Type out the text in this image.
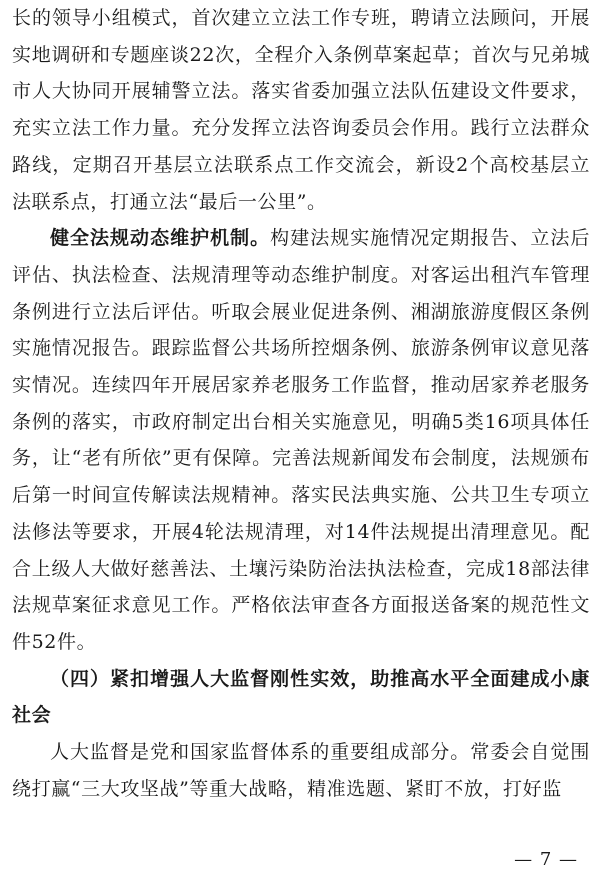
长的领导小组模式，首次建立立法工作专班，聘请立法顾问，开展实地调研和专题座谈22次，全程介入条例草案起草；首次与兄弟城市人大协同开展辅警立法。落实省委加强立法队伍建设文件要求，充实立法工作力量。充分发挥立法咨询委员会作用。践行立法群众路线，定期召开基层立法联系点工作交流会，新设2个高校基层立法联系点，打通立法“最后一公里”。

健全法规动态维护机制。构建法规实施情况定期报告、立法后评估、执法检查、法规清理等动态维护制度。对客运出租汽车管理条例进行立法后评估。听取会展业促进条例、湘湖旅游度假区条例实施情况报告。跟踪监督公共场所控烟条例、旅游条例审议意见落实情况。连续四年开展居家养老服务工作监督，推动居家养老服务条例的落实，市政府制定出台相关实施意见，明确5类16项具体任务，让“老有所依”更有保障。完善法规新闻发布会制度，法规颁布后第一时间宣传解读法规精神。落实民法典实施、公共卫生专项立法修法等要求，开展4轮法规清理，对14件法规提出清理意见。配合上级人大做好慈善法、土壤污染防治法执法检查，完成18部法律法规草案征求意见工作。严格依法审查各方面报送备案的规范性文件52件。

（四）紧扣增强人大监督刚性实效，助推高水平全面建成小康社会

人大监督是党和国家监督体系的重要组成部分。常委会自觉围绕打赢“三大攻坚战”等重大战略，精准选题、紧盯不放，打好监

— 7 —
